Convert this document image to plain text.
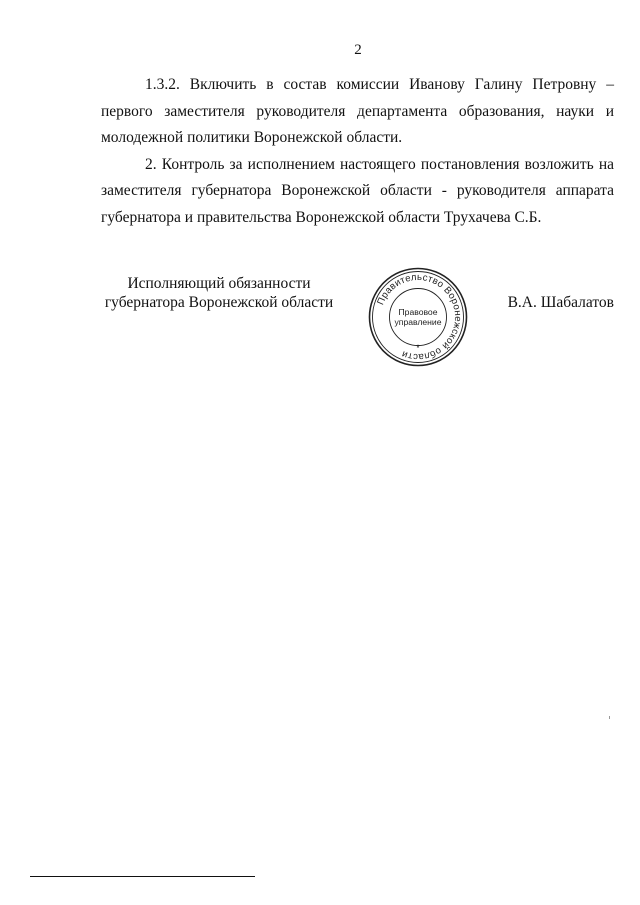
2

1.3.2. Включить в состав комиссии Иванову Галину Петровну – первого заместителя руководителя департамента образования, науки и молодежной политики Воронежской области.

2. Контроль за исполнением настоящего постановления возложить на заместителя губернатора Воронежской области - руководителя аппарата губернатора и правительства Воронежской области Трухачева С.Б.

Исполняющий обязанности
губернатора Воронежской области	Правительство Воронежской области
Правовое
управление
*
В.А. Шабалатов
